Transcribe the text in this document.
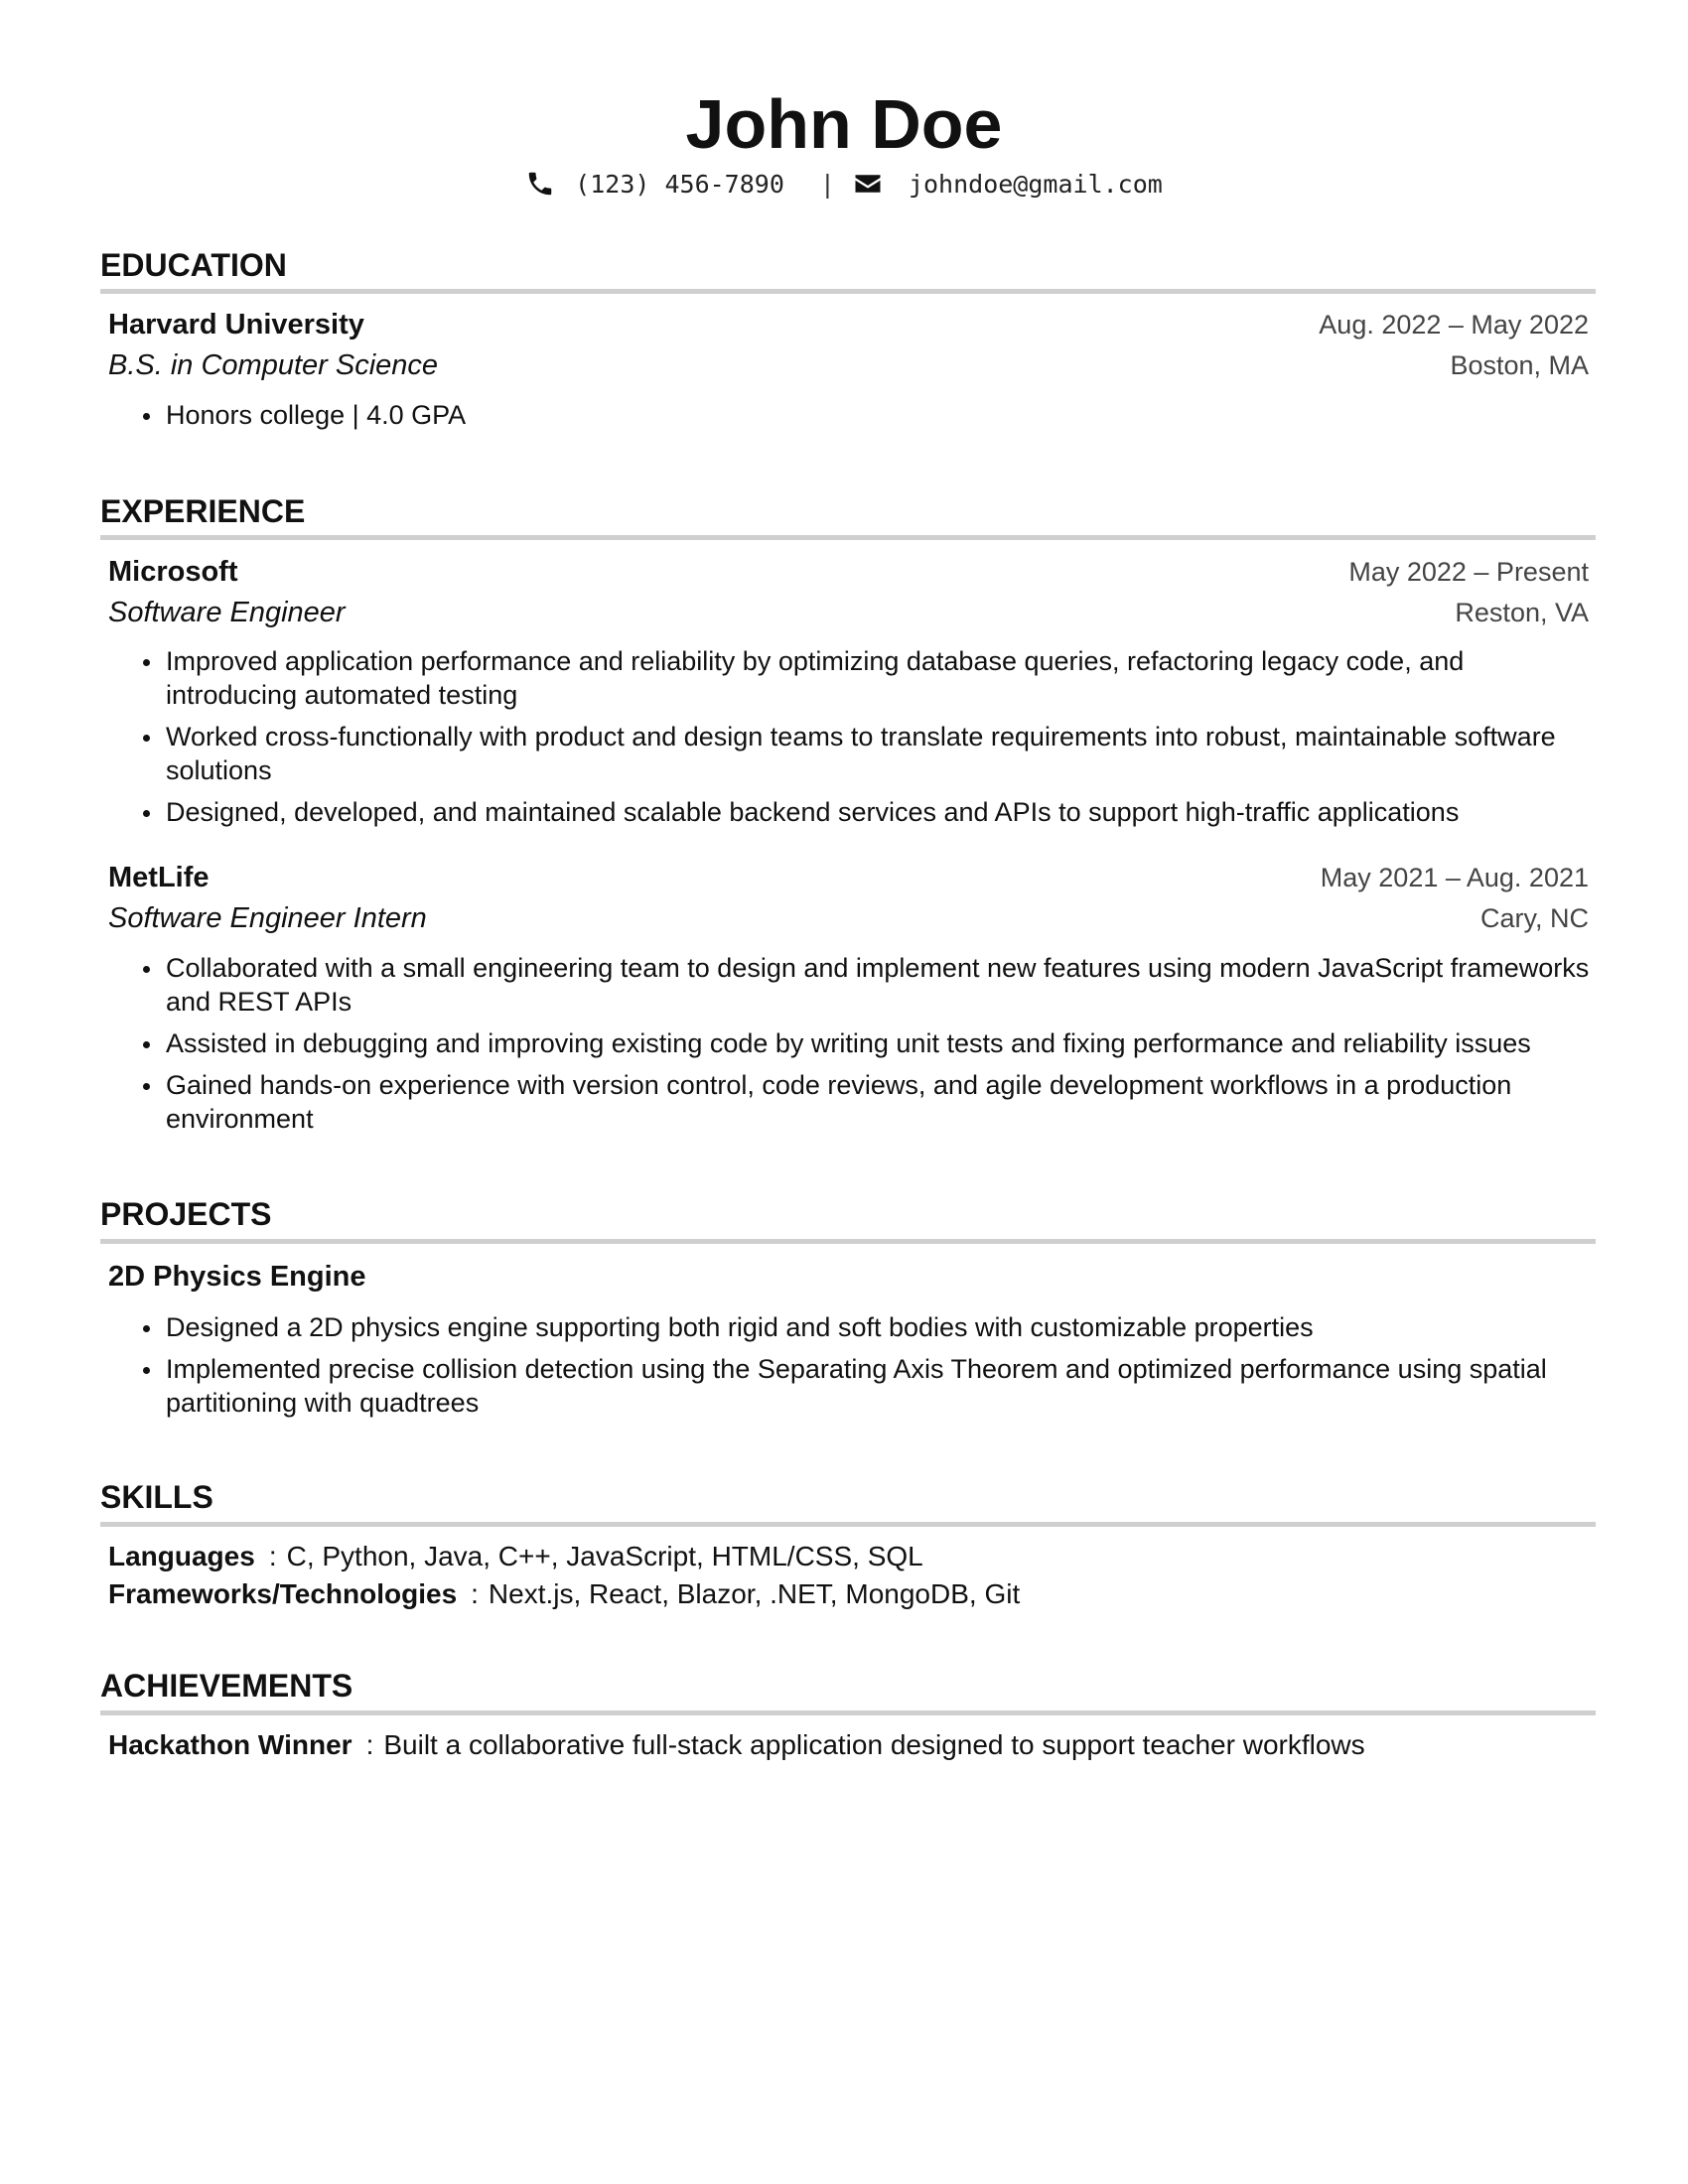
John Doe
(123) 456-7890 |	johndoe@gmail.com
EDUCATION
Harvard University	Aug. 2022 – May 2022
B.S. in Computer Science	Boston, MA
Honors college | 4.0 GPA
EXPERIENCE
Microsoft	May 2022 – Present
Software Engineer	Reston, VA
Improved application performance and reliability by optimizing database queries, refactoring legacy code, and introducing automated testing
Worked cross-functionally with product and design teams to translate requirements into robust, maintainable software solutions
Designed, developed, and maintained scalable backend services and APIs to support high-traffic applications
MetLife	May 2021 – Aug. 2021
Software Engineer Intern	Cary, NC
Collaborated with a small engineering team to design and implement new features using modern JavaScript frameworks and REST APIs
Assisted in debugging and improving existing code by writing unit tests and fixing performance and reliability issues
Gained hands-on experience with version control, code reviews, and agile development workflows in a production environment
PROJECTS
2D Physics Engine
Designed a 2D physics engine supporting both rigid and soft bodies with customizable properties
Implemented precise collision detection using the Separating Axis Theorem and optimized performance using spatial partitioning with quadtrees
SKILLS
Languages : C, Python, Java, C++, JavaScript, HTML/CSS, SQL
Frameworks/Technologies : Next.js, React, Blazor, .NET, MongoDB, Git
ACHIEVEMENTS
Hackathon Winner : Built a collaborative full-stack application designed to support teacher workflows
